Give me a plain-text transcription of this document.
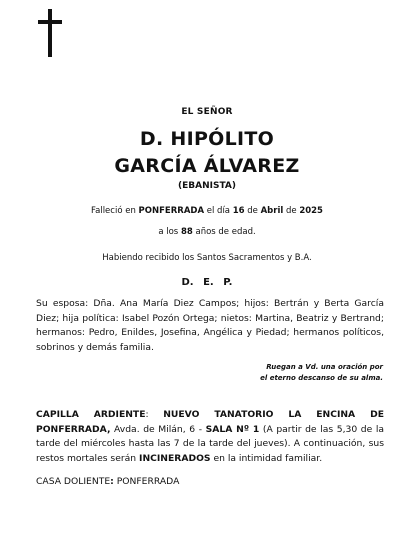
EL SEÑOR
D. HIPÓLITO
GARCÍA ÁLVAREZ
(EBANISTA)
Falleció en PONFERRADA el día 16 de Abril de 2025
a los 88 años de edad.
Habiendo recibido los Santos Sacramentos y B.A.
D. E. P.
Su esposa: Dña. Ana María Diez Campos; hijos: Bertrán y Berta García Diez; hija política: Isabel Pozón Ortega; nietos: Martina, Beatriz y Bertrand; hermanos: Pedro, Enildes, Josefina, Angélica y Piedad; hermanos políticos, sobrinos y demás familia.
Ruegan a Vd. una oración por
el eterno descanso de su alma.
CAPILLA ARDIENTE: NUEVO TANATORIO LA ENCINA DE PONFERRADA, Avda. de Milán, 6 - SALA Nº 1 (A partir de las 5,30 de la tarde del miércoles hasta las 7 de la tarde del jueves). A continuación, sus restos mortales serán INCINERADOS en la intimidad familiar.
CASA DOLIENTE: PONFERRADA
